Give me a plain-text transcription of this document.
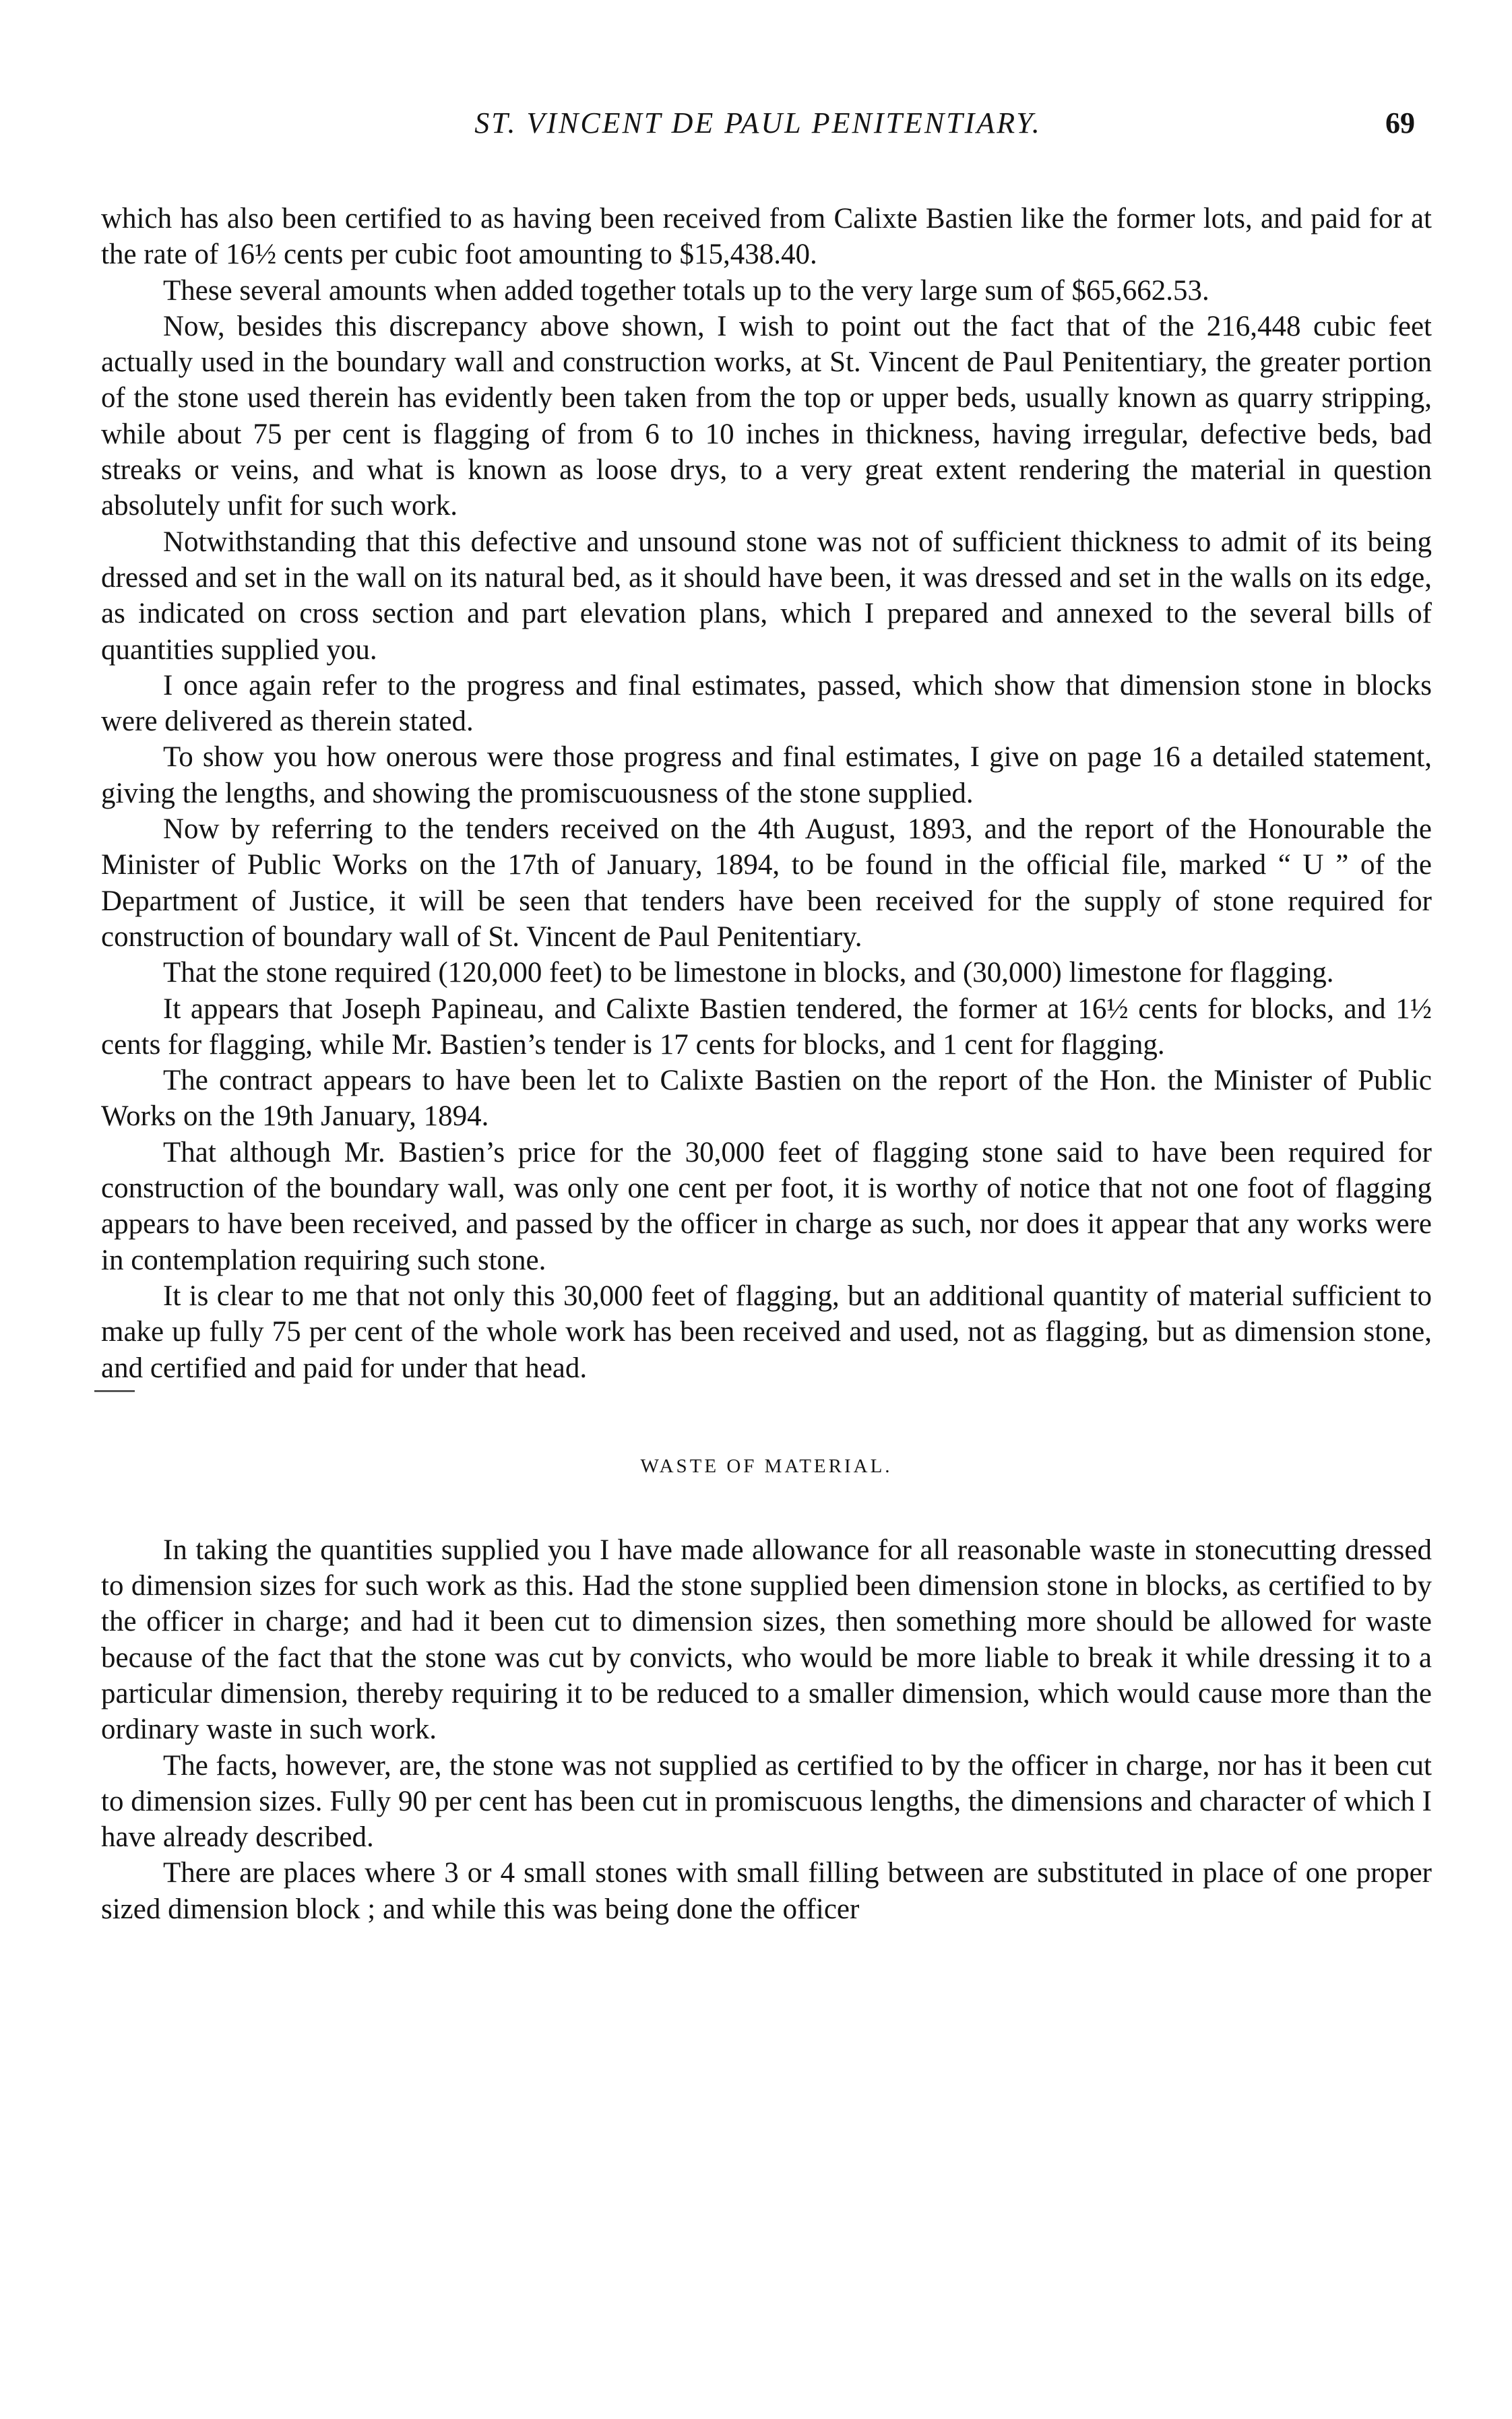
ST. VINCENT DE PAUL PENITENTIARY.	69

which has also been certified to as having been received from Calixte Bastien like the former lots, and paid for at the rate of 16½ cents per cubic foot amounting to $15,438.40.

These several amounts when added together totals up to the very large sum of $65,662.53.

Now, besides this discrepancy above shown, I wish to point out the fact that of the 216,448 cubic feet actually used in the boundary wall and construction works, at St. Vincent de Paul Penitentiary, the greater portion of the stone used therein has evidently been taken from the top or upper beds, usually known as quarry stripping, while about 75 per cent is flagging of from 6 to 10 inches in thickness, having irregular, defective beds, bad streaks or veins, and what is known as loose drys, to a very great extent rendering the material in question absolutely unfit for such work.

Notwithstanding that this defective and unsound stone was not of sufficient thickness to admit of its being dressed and set in the wall on its natural bed, as it should have been, it was dressed and set in the walls on its edge, as indicated on cross section and part elevation plans, which I prepared and annexed to the several bills of quantities supplied you.

I once again refer to the progress and final estimates, passed, which show that dimension stone in blocks were delivered as therein stated.

To show you how onerous were those progress and final estimates, I give on page 16 a detailed statement, giving the lengths, and showing the promiscuousness of the stone supplied.

Now by referring to the tenders received on the 4th August, 1893, and the report of the Honourable the Minister of Public Works on the 17th of January, 1894, to be found in the official file, marked “ U ” of the Department of Justice, it will be seen that tenders have been received for the supply of stone required for construction of boundary wall of St. Vincent de Paul Penitentiary.

That the stone required (120,000 feet) to be limestone in blocks, and (30,000) limestone for flagging.

It appears that Joseph Papineau, and Calixte Bastien tendered, the former at 16½ cents for blocks, and 1½ cents for flagging, while Mr. Bastien’s tender is 17 cents for blocks, and 1 cent for flagging.

The contract appears to have been let to Calixte Bastien on the report of the Hon. the Minister of Public Works on the 19th January, 1894.

That although Mr. Bastien’s price for the 30,000 feet of flagging stone said to have been required for construction of the boundary wall, was only one cent per foot, it is worthy of notice that not one foot of flagging appears to have been received, and passed by the officer in charge as such, nor does it appear that any works were in contemplation requiring such stone.

It is clear to me that not only this 30,000 feet of flagging, but an additional quantity of material sufficient to make up fully 75 per cent of the whole work has been received and used, not as flagging, but as dimension stone, and certified and paid for under that head.

WASTE OF MATERIAL.

In taking the quantities supplied you I have made allowance for all reasonable waste in stonecutting dressed to dimension sizes for such work as this. Had the stone supplied been dimension stone in blocks, as certified to by the officer in charge; and had it been cut to dimension sizes, then something more should be allowed for waste because of the fact that the stone was cut by convicts, who would be more liable to break it while dressing it to a particular dimension, thereby requiring it to be reduced to a smaller dimension, which would cause more than the ordinary waste in such work.

The facts, however, are, the stone was not supplied as certified to by the officer in charge, nor has it been cut to dimension sizes. Fully 90 per cent has been cut in promiscuous lengths, the dimensions and character of which I have already described.

There are places where 3 or 4 small stones with small filling between are substituted in place of one proper sized dimension block ; and while this was being done the officer
